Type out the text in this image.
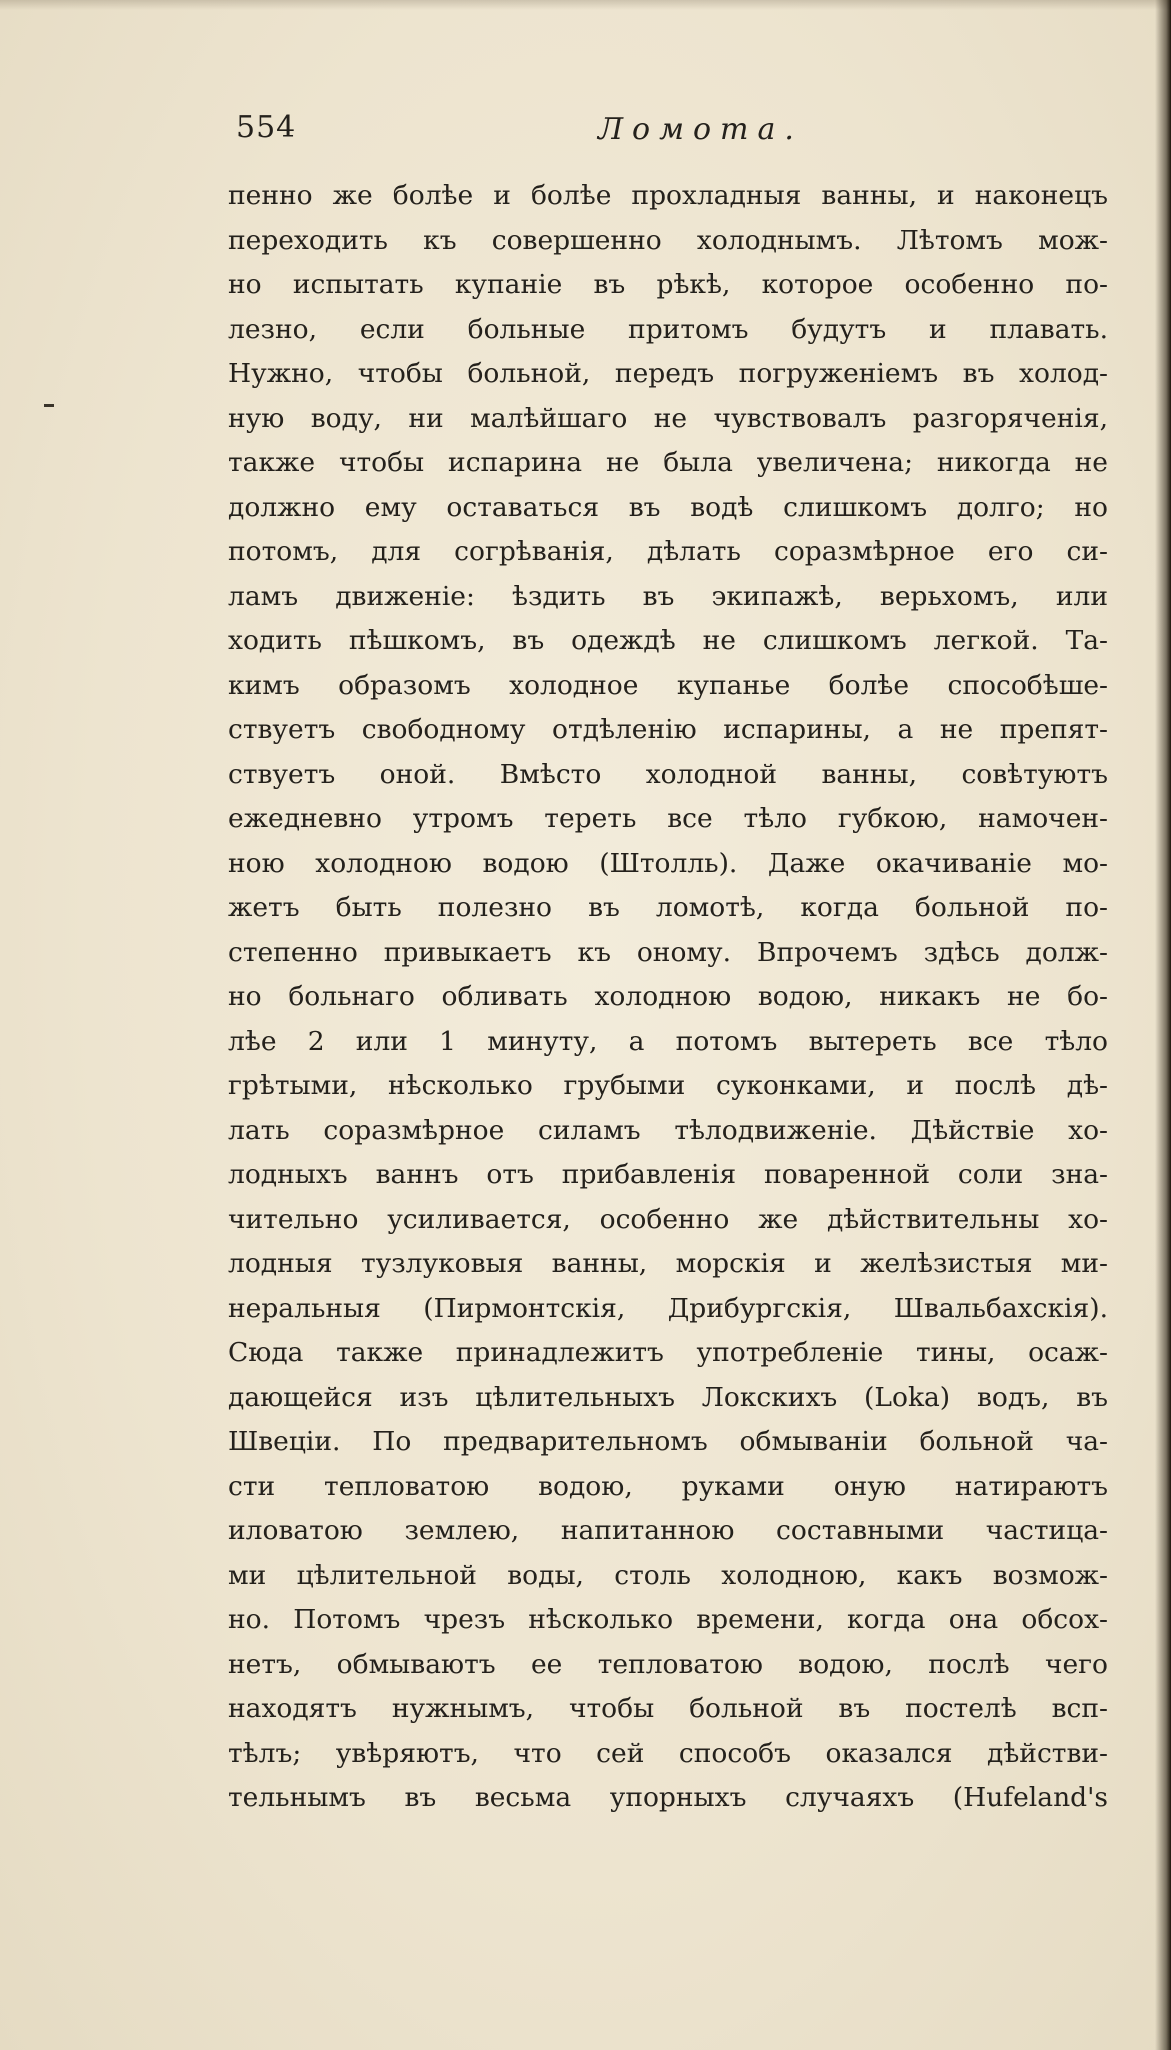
554	Ломота.
пенно же болѣе и болѣе прохладныя ванны, и наконецъ
переходить къ совершенно холоднымъ. Лѣтомъ мож-
но испытать купаніе въ рѣкѣ, которое особенно по-
лезно, если больные притомъ будутъ и плавать.
Нужно, чтобы больной, передъ погруженіемъ въ холод-
ную воду, ни малѣйшаго не чувствовалъ разгоряченія,
также чтобы испарина не была увеличена; никогда не
должно ему оставаться въ водѣ слишкомъ долго; но
потомъ, для согрѣванія, дѣлать соразмѣрное его си-
ламъ движеніе: ѣздить въ экипажѣ, верьхомъ, или
ходить пѣшкомъ, въ одеждѣ не слишкомъ легкой. Та-
кимъ образомъ холодное купанье болѣе способѣше-
ствуетъ свободному отдѣленію испарины, а не препят-
ствуетъ оной. Вмѣсто холодной ванны, совѣтуютъ
ежедневно утромъ тереть все тѣло губкою, намочен-
ною холодною водою (Штолль). Даже окачиваніе мо-
жетъ быть полезно въ ломотѣ, когда больной по-
степенно привыкаетъ къ оному. Впрочемъ здѣсь долж-
но больнаго обливать холодною водою, никакъ не бо-
лѣе 2 или 1 минуту, а потомъ вытереть все тѣло
грѣтыми, нѣсколько грубыми суконками, и послѣ дѣ-
лать соразмѣрное силамъ тѣлодвиженіе. Дѣйствіе хо-
лодныхъ ваннъ отъ прибавленія поваренной соли зна-
чительно усиливается, особенно же дѣйствительны хо-
лодныя тузлуковыя ванны, морскія и желѣзистыя ми-
неральныя (Пирмонтскія, Дрибургскія, Швальбахскія).
Сюда также принадлежитъ употребленіе тины, осаж-
дающейся изъ цѣлительныхъ Локскихъ (Loka) водъ, въ
Швеціи. По предварительномъ обмываніи больной ча-
сти тепловатою водою, руками оную натираютъ
иловатою землею, напитанною составными частица-
ми цѣлительной воды, столь холодною, какъ возмож-
но. Потомъ чрезъ нѣсколько времени, когда она обсох-
нетъ, обмываютъ ее тепловатою водою, послѣ чего
находятъ нужнымъ, чтобы больной въ постелѣ всп-
тѣлъ; увѣряютъ, что сей способъ оказался дѣйстви-
тельнымъ въ весьма упорныхъ случаяхъ (Hufeland's
